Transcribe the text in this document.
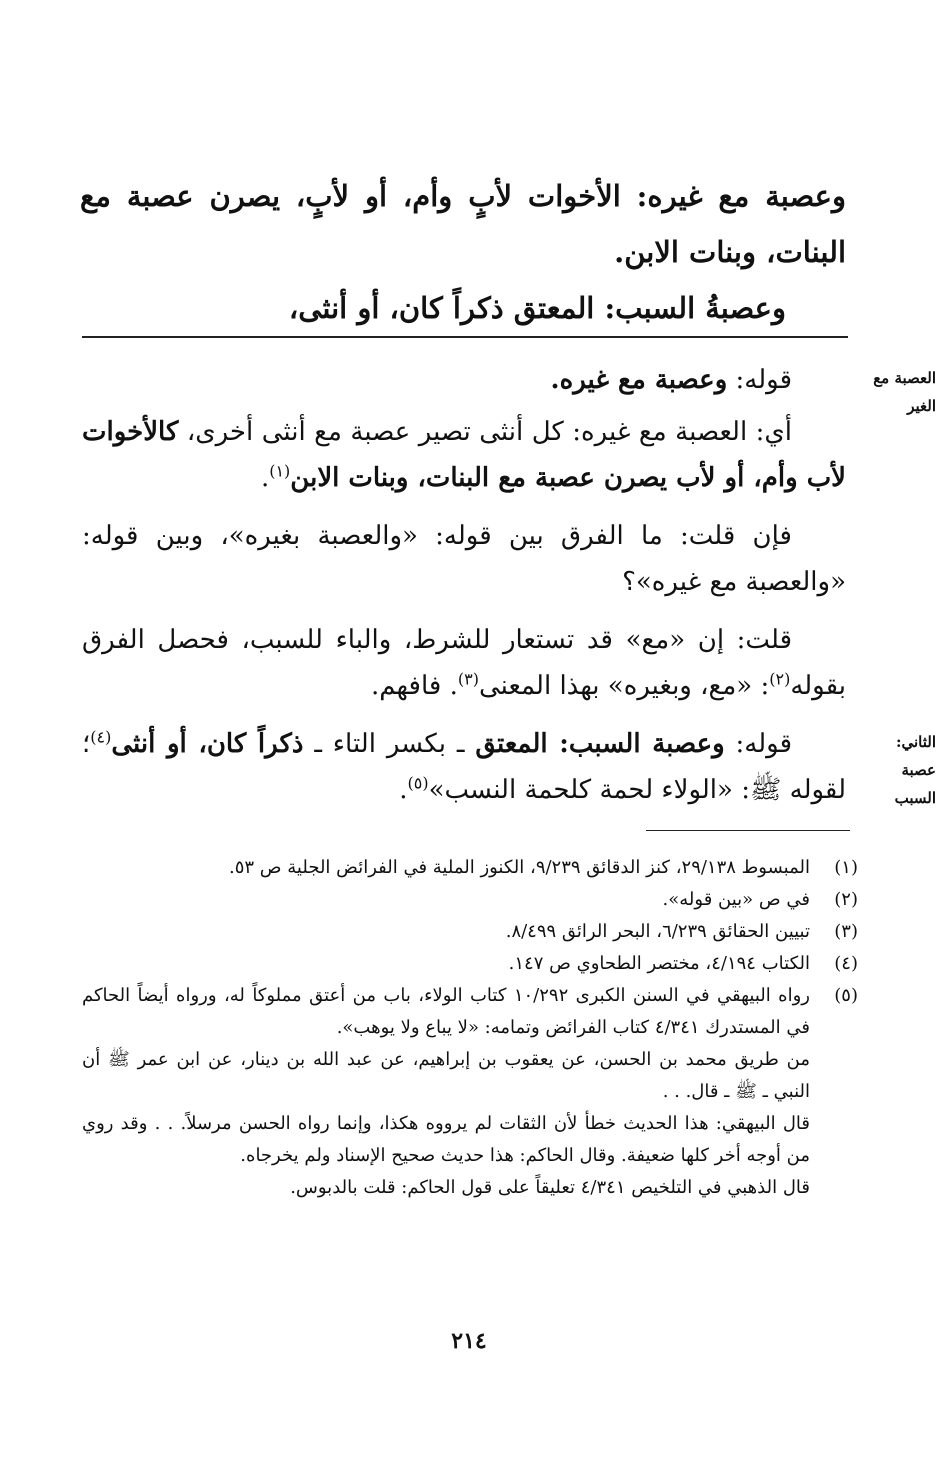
وعصبة مع غيره: الأخوات لأبٍ وأم، أو لأبٍ، يصرن عصبة مع البنات، وبنات الابن.

وعصبةُ السبب: المعتق ذكراً كان، أو أنثى،

العصبة مع الغير
الثاني: عصبة السبب

قوله: وعصبة مع غيره.

أي: العصبة مع غيره: كل أنثى تصير عصبة مع أنثى أخرى، كالأخوات لأب وأم، أو لأب يصرن عصبة مع البنات، وبنات الابن$^{(١)}$.

فإن قلت: ما الفرق بين قوله: «والعصبة بغيره»، وبين قوله: «والعصبة مع غيره»؟

قلت: إن «مع» قد تستعار للشرط، والباء للسبب، فحصل الفرق بقوله$^{(٢)}$: «مع، وبغيره» بهذا المعنى$^{(٣)}$. فافهم.

قوله: وعصبة السبب: المعتق ـ بكسر التاء ـ ذكراً كان، أو أنثى$^{(٤)}$؛ لقوله ﷺ: «الولاء لحمة كلحمة النسب»$^{(٥)}$.

(١)
المبسوط ٢٩/١٣٨، كنز الدقائق ٩/٢٣٩، الكنوز الملية في الفرائض الجلية ص ٥٣.
(٢)
في ص «بين قوله».
(٣)
تبيين الحقائق ٦/٢٣٩، البحر الرائق ٨/٤٩٩.
(٤)
الكتاب ٤/١٩٤، مختصر الطحاوي ص ١٤٧.
(٥)
رواه البيهقي في السنن الكبرى ١٠/٢٩٢ كتاب الولاء، باب من أعتق مملوكاً له، ورواه أيضاً الحاكم في المستدرك ٤/٣٤١ كتاب الفرائض وتمامه: «لا يباع ولا يوهب».
من طريق محمد بن الحسن، عن يعقوب بن إبراهيم، عن عبد الله بن دينار، عن ابن عمر ﷺ أن النبي ـ ﷺ ـ قال. . .
قال البيهقي: هذا الحديث خطأ لأن الثقات لم يرووه هكذا، وإنما رواه الحسن مرسلاً. . . وقد روي من أوجه أخر كلها ضعيفة. وقال الحاكم: هذا حديث صحيح الإسناد ولم يخرجاه.
قال الذهبي في التلخيص ٤/٣٤١ تعليقاً على قول الحاكم: قلت بالدبوس.
٢١٤
